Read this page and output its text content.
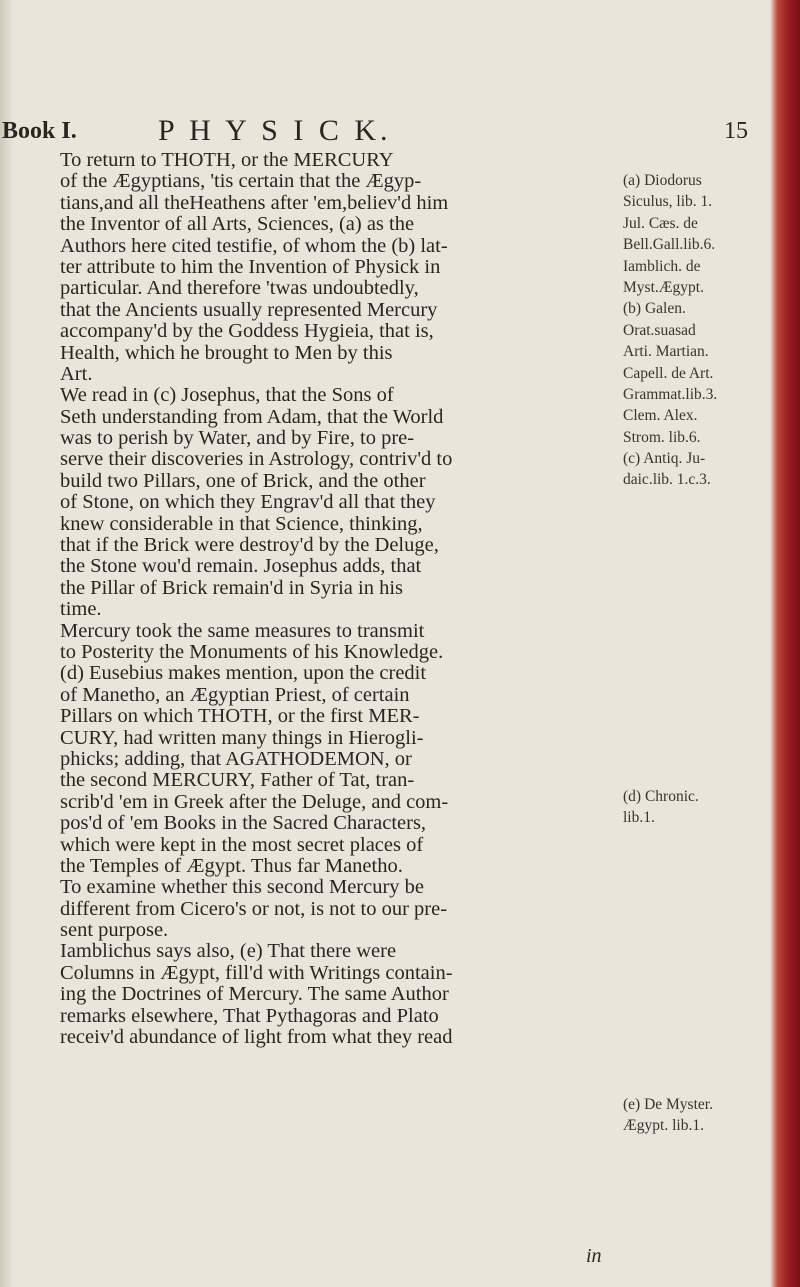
Book I.	P H Y S I C K.	15
To return to THOTH, or the MERCURY
of the Ægyptians, 'tis certain that the Ægyp-
tians,and all theHeathens after 'em,believ'd him
the Inventor of all Arts, Sciences, (a) as the
Authors here cited testifie, of whom the (b) lat-
ter attribute to him the Invention of Physick in
particular. And therefore 'twas undoubtedly,
that the Ancients usually represented Mercury
accompany'd by the Goddess Hygieia, that is,
Health, which he brought to Men by this
Art.
We read in (c) Josephus, that the Sons of
Seth understanding from Adam, that the World
was to perish by Water, and by Fire, to pre-
serve their discoveries in Astrology, contriv'd to
build two Pillars, one of Brick, and the other
of Stone, on which they Engrav'd all that they
knew considerable in that Science, thinking,
that if the Brick were destroy'd by the Deluge,
the Stone wou'd remain. Josephus adds, that
the Pillar of Brick remain'd in Syria in his
time.
Mercury took the same measures to transmit
to Posterity the Monuments of his Knowledge.
(d) Eusebius makes mention, upon the credit
of Manetho, an Ægyptian Priest, of certain
Pillars on which THOTH, or the first MER-
CURY, had written many things in Hierogli-
phicks; adding, that AGATHODEMON, or
the second MERCURY, Father of Tat, tran-
scrib'd 'em in Greek after the Deluge, and com-
pos'd of 'em Books in the Sacred Characters,
which were kept in the most secret places of
the Temples of Ægypt. Thus far Manetho.
To examine whether this second Mercury be
different from Cicero's or not, is not to our pre-
sent purpose.
Iamblichus says also, (e) That there were
Columns in Ægypt, fill'd with Writings contain-
ing the Doctrines of Mercury. The same Author
remarks elsewhere, That Pythagoras and Plato
receiv'd abundance of light from what they read
(a) Diodorus
Siculus, lib. 1.
Jul. Cæs. de
Bell.Gall.lib.6.
Iamblich. de
Myst.Ægypt.
(b) Galen.
Orat.suasad
Arti. Martian.
Capell. de Art.
Grammat.lib.3.
Clem. Alex.
Strom. lib.6.
(c) Antiq. Ju-
daic.lib. 1.c.3.
(d) Chronic.
lib.1.
(e) De Myster.
Ægypt. lib.1.
in
